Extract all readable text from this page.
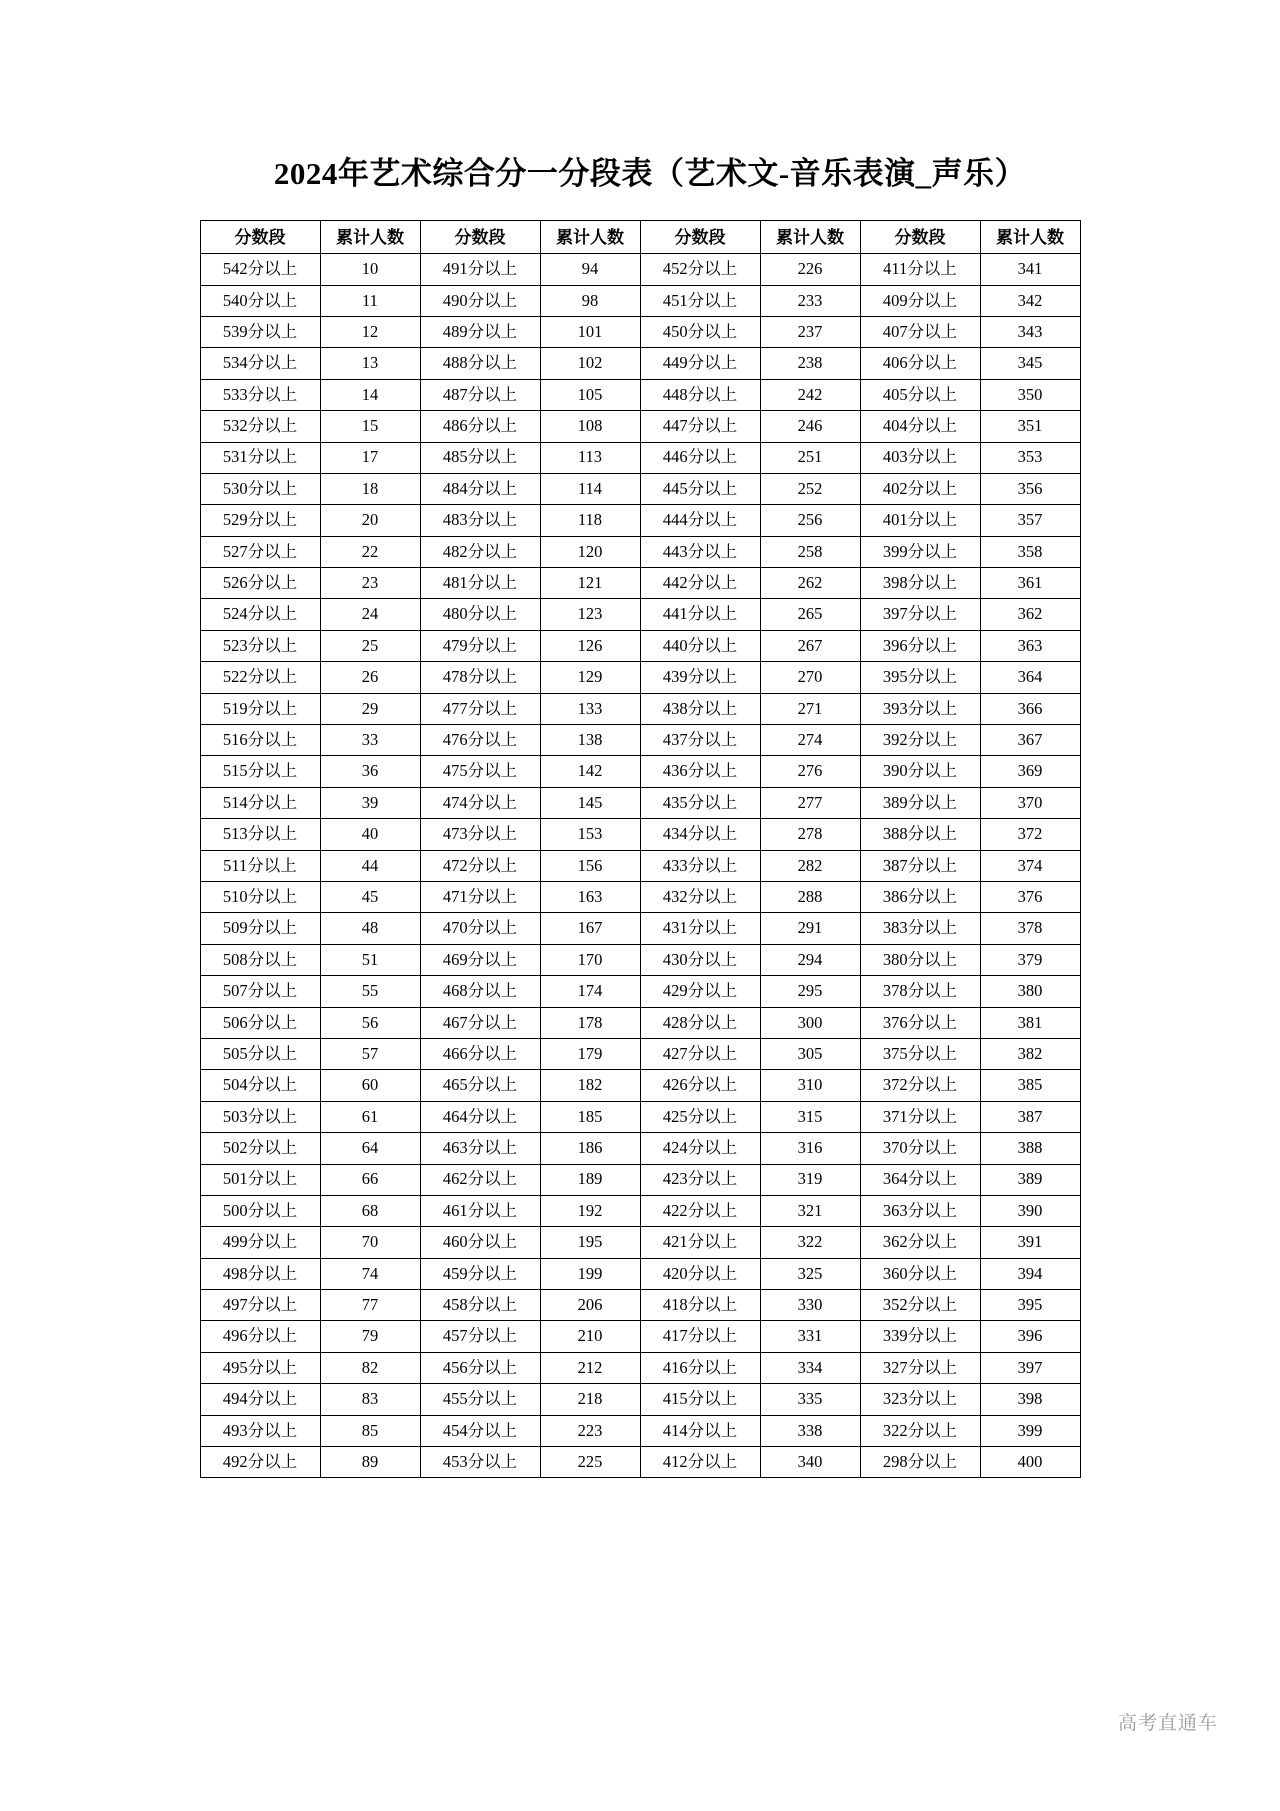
2024年艺术综合分一分段表（艺术文-音乐表演_声乐）
分数段	累计人数	分数段	累计人数	分数段	累计人数	分数段	累计人数
542分以上	10	491分以上	94	452分以上	226	411分以上	341
540分以上	11	490分以上	98	451分以上	233	409分以上	342
539分以上	12	489分以上	101	450分以上	237	407分以上	343
534分以上	13	488分以上	102	449分以上	238	406分以上	345
533分以上	14	487分以上	105	448分以上	242	405分以上	350
532分以上	15	486分以上	108	447分以上	246	404分以上	351
531分以上	17	485分以上	113	446分以上	251	403分以上	353
530分以上	18	484分以上	114	445分以上	252	402分以上	356
529分以上	20	483分以上	118	444分以上	256	401分以上	357
527分以上	22	482分以上	120	443分以上	258	399分以上	358
526分以上	23	481分以上	121	442分以上	262	398分以上	361
524分以上	24	480分以上	123	441分以上	265	397分以上	362
523分以上	25	479分以上	126	440分以上	267	396分以上	363
522分以上	26	478分以上	129	439分以上	270	395分以上	364
519分以上	29	477分以上	133	438分以上	271	393分以上	366
516分以上	33	476分以上	138	437分以上	274	392分以上	367
515分以上	36	475分以上	142	436分以上	276	390分以上	369
514分以上	39	474分以上	145	435分以上	277	389分以上	370
513分以上	40	473分以上	153	434分以上	278	388分以上	372
511分以上	44	472分以上	156	433分以上	282	387分以上	374
510分以上	45	471分以上	163	432分以上	288	386分以上	376
509分以上	48	470分以上	167	431分以上	291	383分以上	378
508分以上	51	469分以上	170	430分以上	294	380分以上	379
507分以上	55	468分以上	174	429分以上	295	378分以上	380
506分以上	56	467分以上	178	428分以上	300	376分以上	381
505分以上	57	466分以上	179	427分以上	305	375分以上	382
504分以上	60	465分以上	182	426分以上	310	372分以上	385
503分以上	61	464分以上	185	425分以上	315	371分以上	387
502分以上	64	463分以上	186	424分以上	316	370分以上	388
501分以上	66	462分以上	189	423分以上	319	364分以上	389
500分以上	68	461分以上	192	422分以上	321	363分以上	390
499分以上	70	460分以上	195	421分以上	322	362分以上	391
498分以上	74	459分以上	199	420分以上	325	360分以上	394
497分以上	77	458分以上	206	418分以上	330	352分以上	395
496分以上	79	457分以上	210	417分以上	331	339分以上	396
495分以上	82	456分以上	212	416分以上	334	327分以上	397
494分以上	83	455分以上	218	415分以上	335	323分以上	398
493分以上	85	454分以上	223	414分以上	338	322分以上	399
492分以上	89	453分以上	225	412分以上	340	298分以上	400
高考直通车
